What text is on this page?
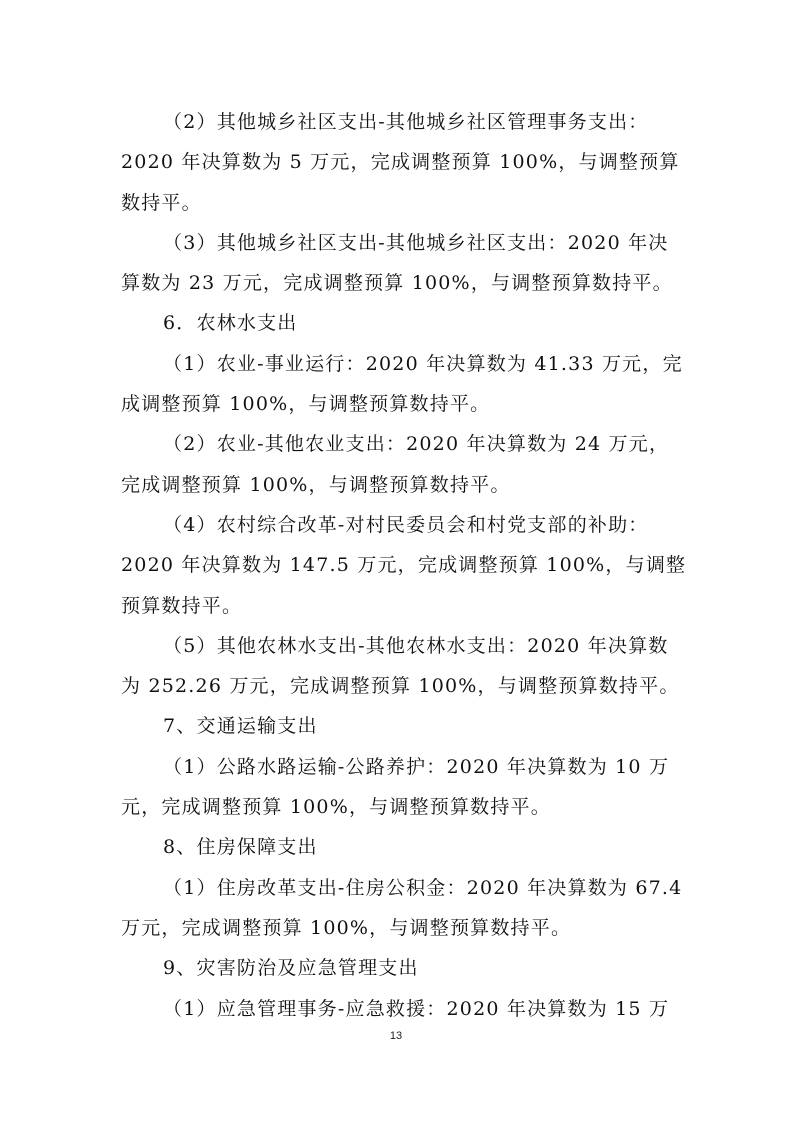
（2）其他城乡社区支出-其他城乡社区管理事务支出：
2020 年决算数为 5 万元，完成调整预算 100%，与调整预算
数持平。
（3）其他城乡社区支出-其他城乡社区支出：2020 年决
算数为 23 万元，完成调整预算 100%，与调整预算数持平。
6．农林水支出
（1）农业-事业运行：2020 年决算数为 41.33 万元，完
成调整预算 100%，与调整预算数持平。
（2）农业-其他农业支出：2020 年决算数为 24 万元，
完成调整预算 100%，与调整预算数持平。
（4）农村综合改革-对村民委员会和村党支部的补助：
2020 年决算数为 147.5 万元，完成调整预算 100%，与调整
预算数持平。
（5）其他农林水支出-其他农林水支出：2020 年决算数
为 252.26 万元，完成调整预算 100%，与调整预算数持平。
7、交通运输支出
（1）公路水路运输-公路养护：2020 年决算数为 10 万
元，完成调整预算 100%，与调整预算数持平。
8、住房保障支出
（1）住房改革支出-住房公积金：2020 年决算数为 67.4
万元，完成调整预算 100%，与调整预算数持平。
9、灾害防治及应急管理支出
（1）应急管理事务-应急救援：2020 年决算数为 15 万
13
